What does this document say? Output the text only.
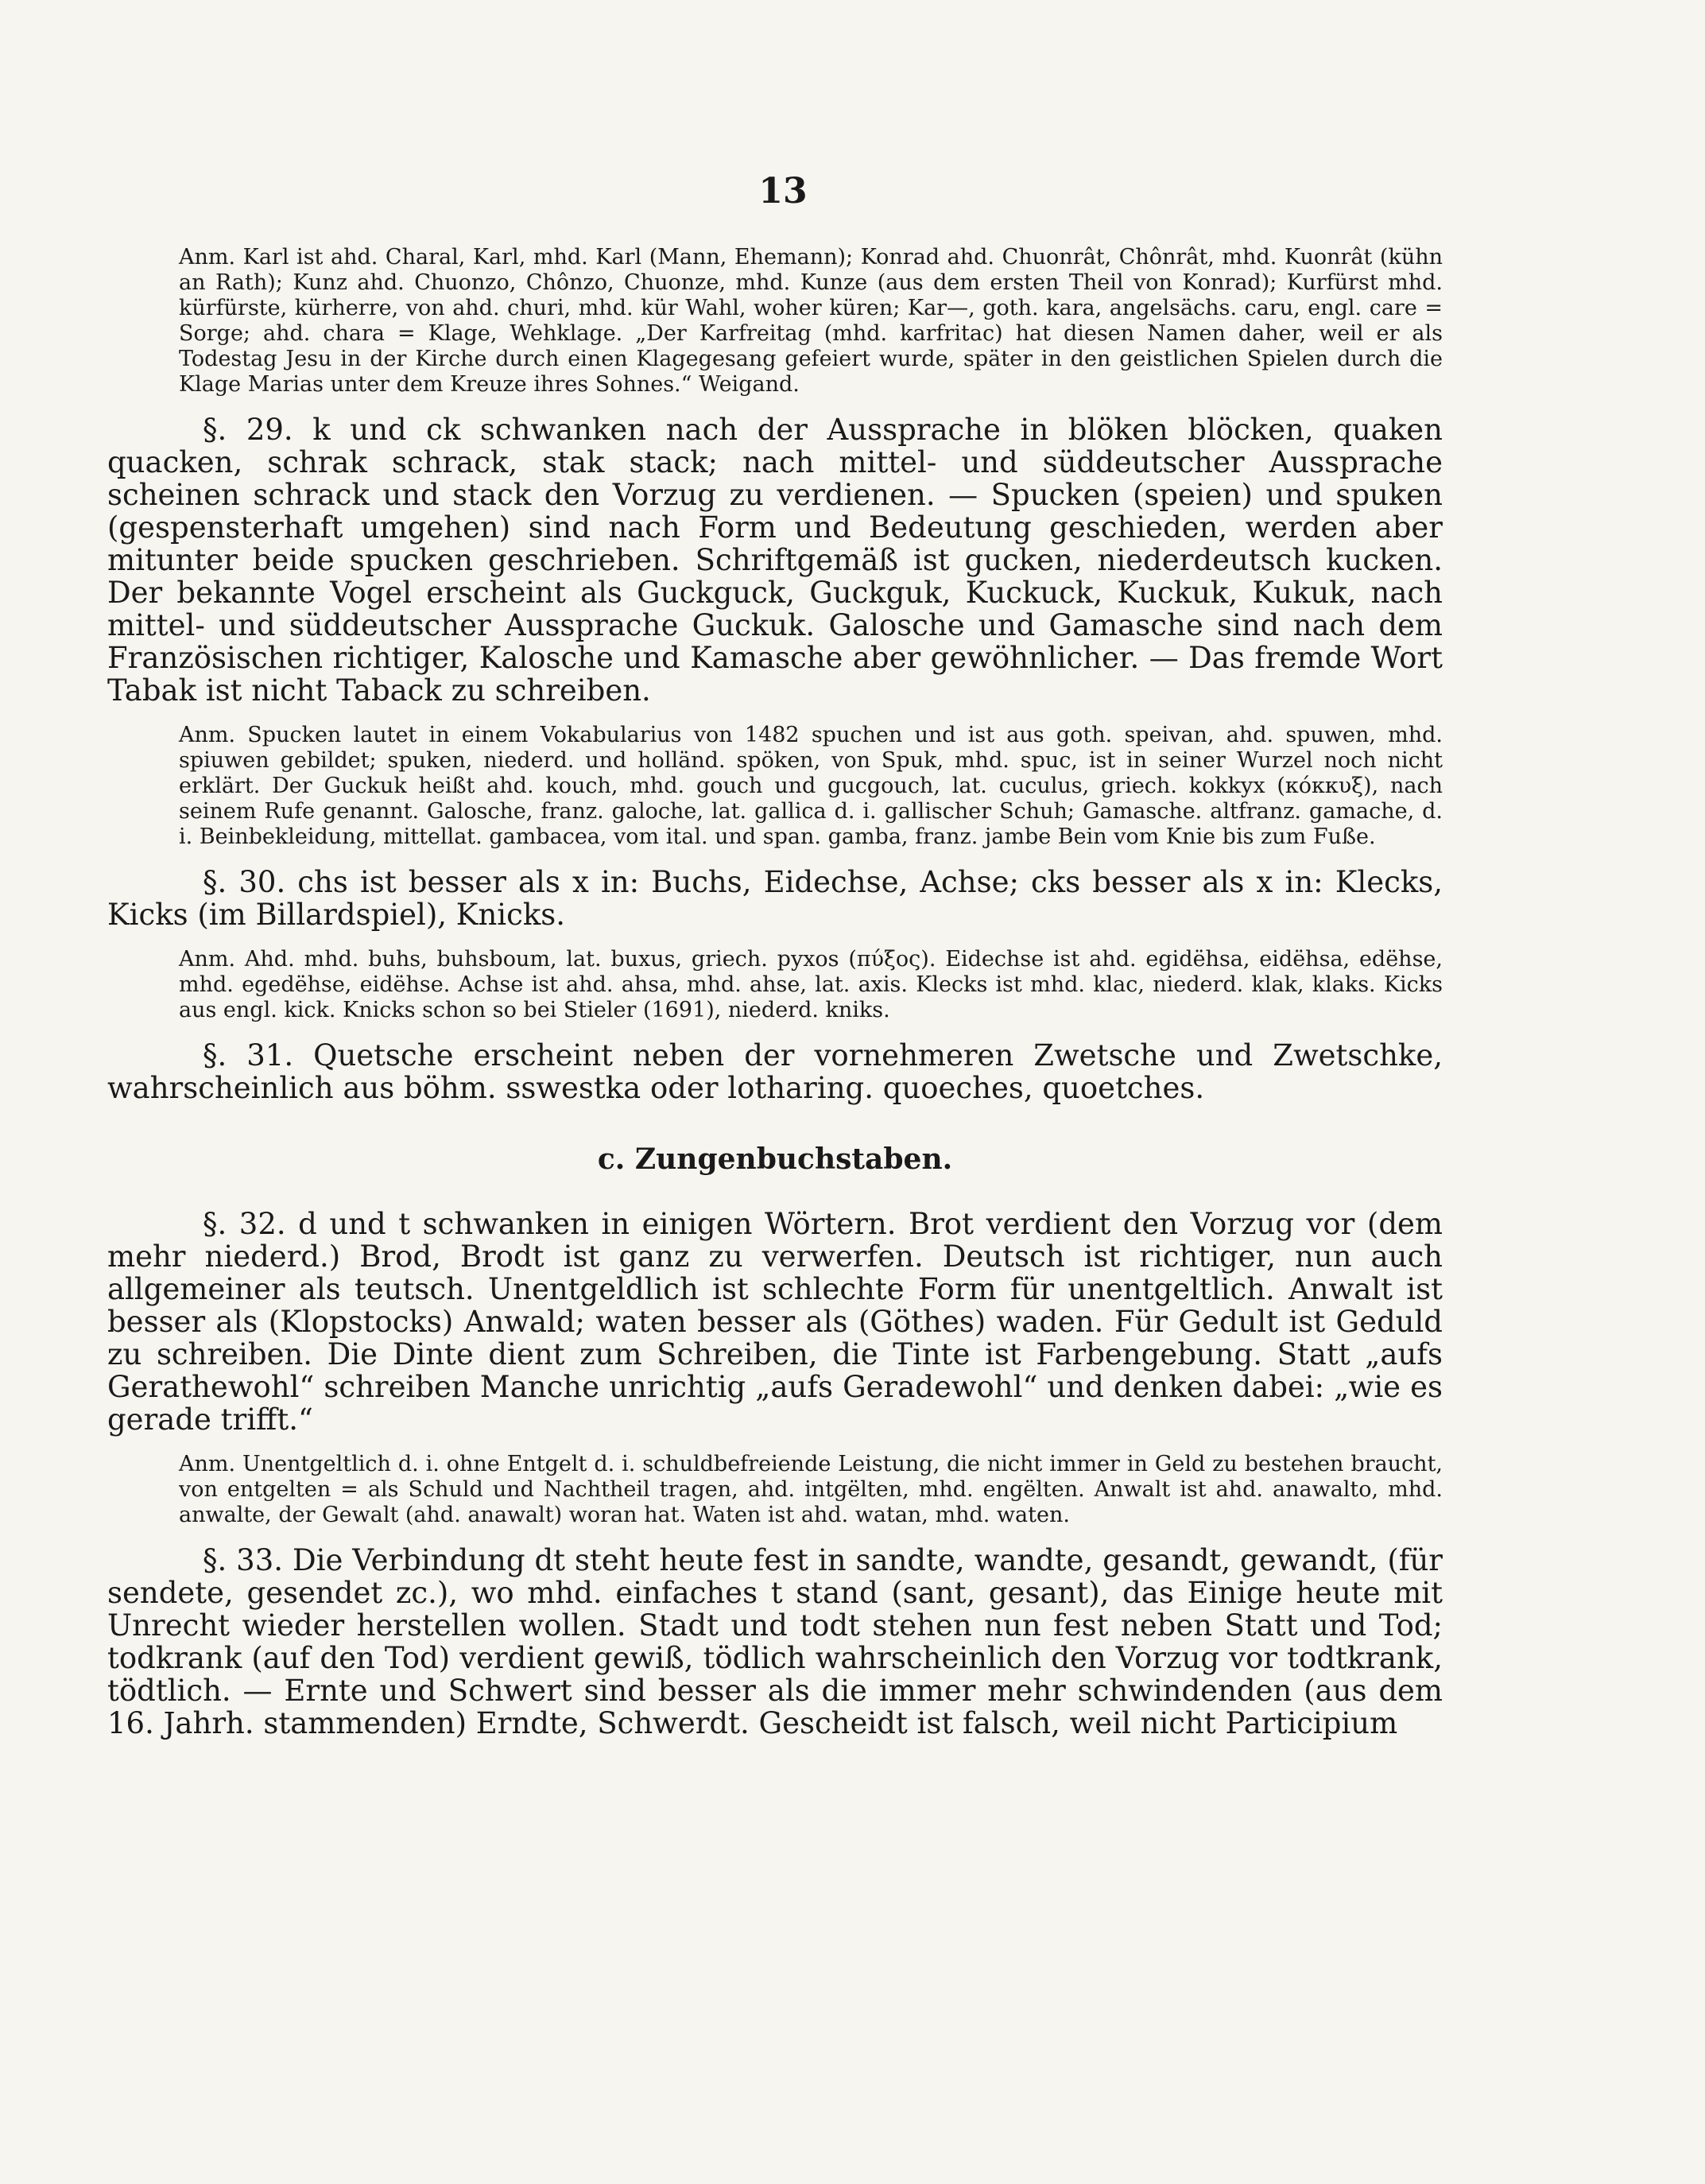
13

Anm. Karl ist ahd. Charal, Karl, mhd. Karl (Mann, Ehemann); Konrad ahd. Chuonrât, Chônrât, mhd. Kuonrât (kühn an Rath); Kunz ahd. Chuonzo, Chônzo, Chuonze, mhd. Kunze (aus dem ersten Theil von Konrad); Kurfürst mhd. kürfürste, kürherre, von ahd. churi, mhd. kür Wahl, woher küren; Kar—, goth. kara, angelsächs. caru, engl. care = Sorge; ahd. chara = Klage, Wehklage. „Der Karfreitag (mhd. karfritac) hat diesen Namen daher, weil er als Todestag Jesu in der Kirche durch einen Klagegesang gefeiert wurde, später in den geistlichen Spielen durch die Klage Marias unter dem Kreuze ihres Sohnes.“ Weigand.

§. 29. k und ck schwanken nach der Aussprache in blöken blöcken, quaken quacken, schrak schrack, stak stack; nach mittel- und süddeutscher Aussprache scheinen schrack und stack den Vorzug zu verdienen. — Spucken (speien) und spuken (gespensterhaft umgehen) sind nach Form und Bedeutung geschieden, werden aber mitunter beide spucken geschrieben. Schriftgemäß ist gucken, niederdeutsch kucken. Der bekannte Vogel erscheint als Guckguck, Guckguk, Kuckuck, Kuckuk, Kukuk, nach mittel- und süddeutscher Aussprache Guckuk. Galosche und Gamasche sind nach dem Französischen richtiger, Kalosche und Kamasche aber gewöhnlicher. — Das fremde Wort Tabak ist nicht Taback zu schreiben.

Anm. Spucken lautet in einem Vokabularius von 1482 spuchen und ist aus goth. speivan, ahd. spuwen, mhd. spiuwen gebildet; spuken, niederd. und holländ. spöken, von Spuk, mhd. spuc, ist in seiner Wurzel noch nicht erklärt. Der Guckuk heißt ahd. kouch, mhd. gouch und gucgouch, lat. cuculus, griech. kokkyx (κόκκυξ), nach seinem Rufe genannt. Galosche, franz. galoche, lat. gallica d. i. gallischer Schuh; Gamasche. altfranz. gamache, d. i. Beinbekleidung, mittellat. gambacea, vom ital. und span. gamba, franz. jambe Bein vom Knie bis zum Fuße.

§. 30. chs ist besser als x in: Buchs, Eidechse, Achse; cks besser als x in: Klecks, Kicks (im Billardspiel), Knicks.

Anm. Ahd. mhd. buhs, buhsboum, lat. buxus, griech. pyxos (πύξος). Eidechse ist ahd. egidëhsa, eidëhsa, edëhse, mhd. egedëhse, eidëhse. Achse ist ahd. ahsa, mhd. ahse, lat. axis. Klecks ist mhd. klac, niederd. klak, klaks. Kicks aus engl. kick. Knicks schon so bei Stieler (1691), niederd. kniks.

§. 31. Quetsche erscheint neben der vornehmeren Zwetsche und Zwetschke, wahrscheinlich aus böhm. sswestka oder lotharing. quoeches, quoetches.

c. Zungenbuchstaben.

§. 32. d und t schwanken in einigen Wörtern. Brot verdient den Vorzug vor (dem mehr niederd.) Brod, Brodt ist ganz zu verwerfen. Deutsch ist richtiger, nun auch allgemeiner als teutsch. Unentgeldlich ist schlechte Form für unentgeltlich. Anwalt ist besser als (Klopstocks) Anwald; waten besser als (Göthes) waden. Für Gedult ist Geduld zu schreiben. Die Dinte dient zum Schreiben, die Tinte ist Farbengebung. Statt „aufs Gerathewohl“ schreiben Manche unrichtig „aufs Geradewohl“ und denken dabei: „wie es gerade trifft.“

Anm. Unentgeltlich d. i. ohne Entgelt d. i. schuldbefreiende Leistung, die nicht immer in Geld zu bestehen braucht, von entgelten = als Schuld und Nachtheil tragen, ahd. intgëlten, mhd. engëlten. Anwalt ist ahd. anawalto, mhd. anwalte, der Gewalt (ahd. anawalt) woran hat. Waten ist ahd. watan, mhd. waten.

§. 33. Die Verbindung dt steht heute fest in sandte, wandte, gesandt, gewandt, (für sendete, gesendet zc.), wo mhd. einfaches t stand (sant, gesant), das Einige heute mit Unrecht wieder herstellen wollen. Stadt und todt stehen nun fest neben Statt und Tod; todkrank (auf den Tod) verdient gewiß, tödlich wahrscheinlich den Vorzug vor todtkrank, tödtlich. — Ernte und Schwert sind besser als die immer mehr schwindenden (aus dem 16. Jahrh. stammenden) Erndte, Schwerdt. Gescheidt ist falsch, weil nicht Participium
